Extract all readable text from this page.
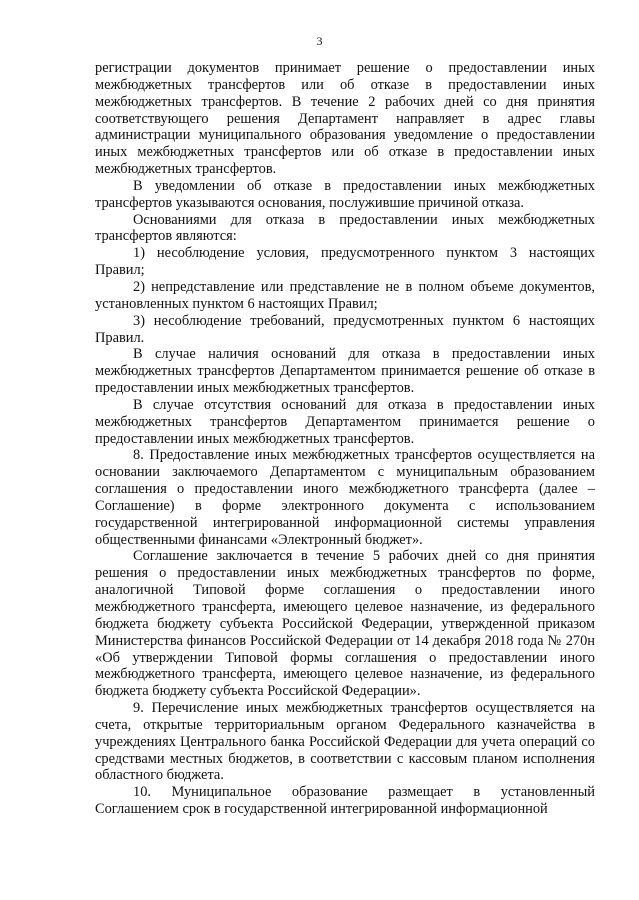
3

регистрации документов принимает решение о предоставлении иных межбюджетных трансфертов или об отказе в предоставлении иных межбюджетных трансфертов. В течение 2 рабочих дней со дня принятия соответствующего решения Департамент направляет в адрес главы администрации муниципального образования уведомление о предоставлении иных межбюджетных трансфертов или об отказе в предоставлении иных межбюджетных трансфертов.

В уведомлении об отказе в предоставлении иных межбюджетных трансфертов указываются основания, послужившие причиной отказа.

Основаниями для отказа в предоставлении иных межбюджетных трансфертов являются:

1) несоблюдение условия, предусмотренного пунктом 3 настоящих Правил;

2) непредставление или представление не в полном объеме документов, установленных пунктом 6 настоящих Правил;

3) несоблюдение требований, предусмотренных пунктом 6 настоящих Правил.

В случае наличия оснований для отказа в предоставлении иных межбюджетных трансфертов Департаментом принимается решение об отказе в предоставлении иных межбюджетных трансфертов.

В случае отсутствия оснований для отказа в предоставлении иных межбюджетных трансфертов Департаментом принимается решение о предоставлении иных межбюджетных трансфертов.

8. Предоставление иных межбюджетных трансфертов осуществляется на основании заключаемого Департаментом с муниципальным образованием соглашения о предоставлении иного межбюджетного трансферта (далее – Соглашение) в форме электронного документа с использованием государственной интегрированной информационной системы управления общественными финансами «Электронный бюджет».

Соглашение заключается в течение 5 рабочих дней со дня принятия решения о предоставлении иных межбюджетных трансфертов по форме, аналогичной Типовой форме соглашения о предоставлении иного межбюджетного трансферта, имеющего целевое назначение, из федерального бюджета бюджету субъекта Российской Федерации, утвержденной приказом Министерства финансов Российской Федерации от 14 декабря 2018 года № 270н «Об утверждении Типовой формы соглашения о предоставлении иного межбюджетного трансферта, имеющего целевое назначение, из федерального бюджета бюджету субъекта Российской Федерации».

9. Перечисление иных межбюджетных трансфертов осуществляется на счета, открытые территориальным органом Федерального казначейства в учреждениях Центрального банка Российской Федерации для учета операций со средствами местных бюджетов, в соответствии с кассовым планом исполнения областного бюджета.

10. Муниципальное образование размещает в установленный Соглашением срок в государственной интегрированной информационной
